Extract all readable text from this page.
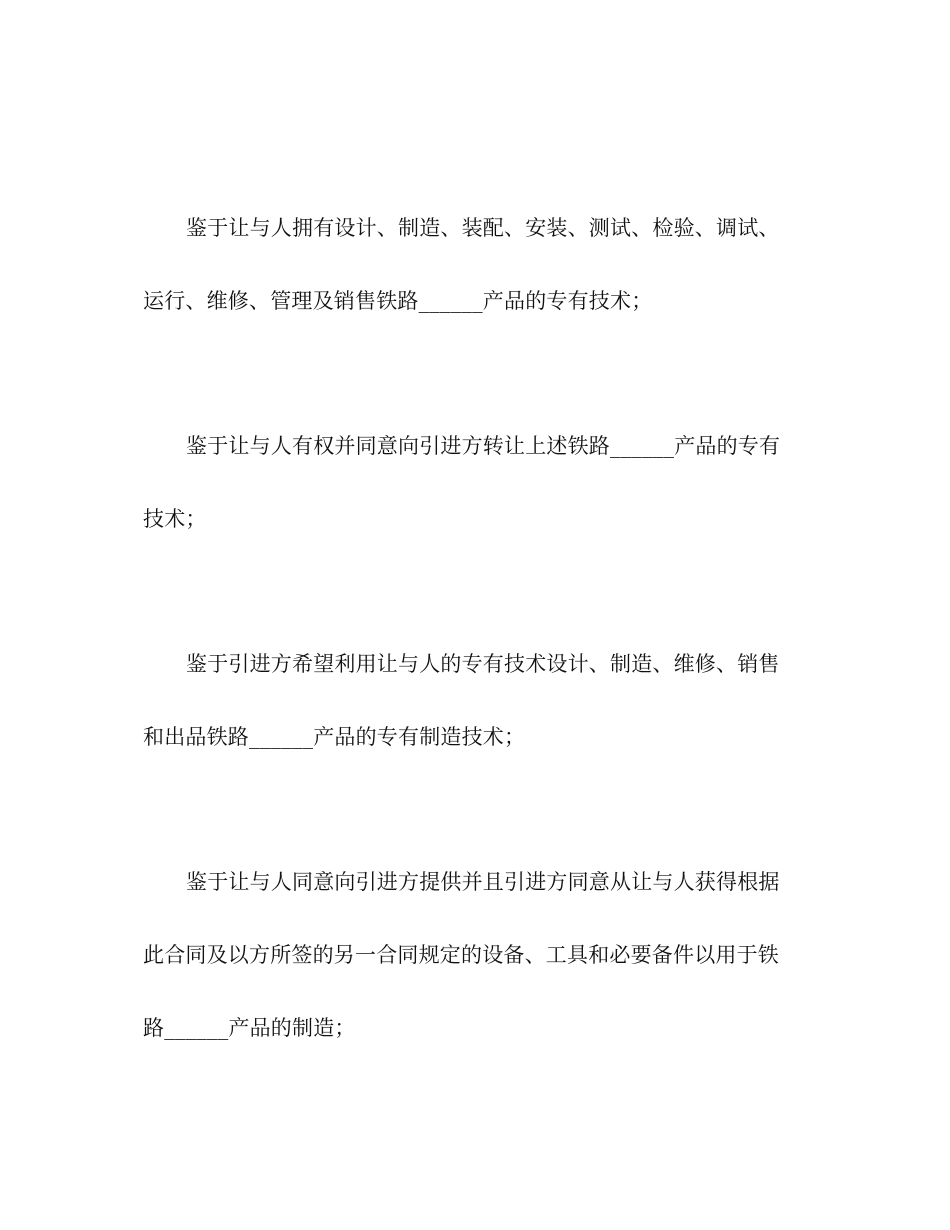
鉴于让与人拥有设计、制造、装配、安装、测试、检验、调试、
运行、维修、管理及销售铁路______产品的专有技术；
鉴于让与人有权并同意向引进方转让上述铁路______产品的专有
技术；
鉴于引进方希望利用让与人的专有技术设计、制造、维修、销售
和出品铁路______产品的专有制造技术；
鉴于让与人同意向引进方提供并且引进方同意从让与人获得根据
此合同及以方所签的另一合同规定的设备、工具和必要备件以用于铁
路______产品的制造；
